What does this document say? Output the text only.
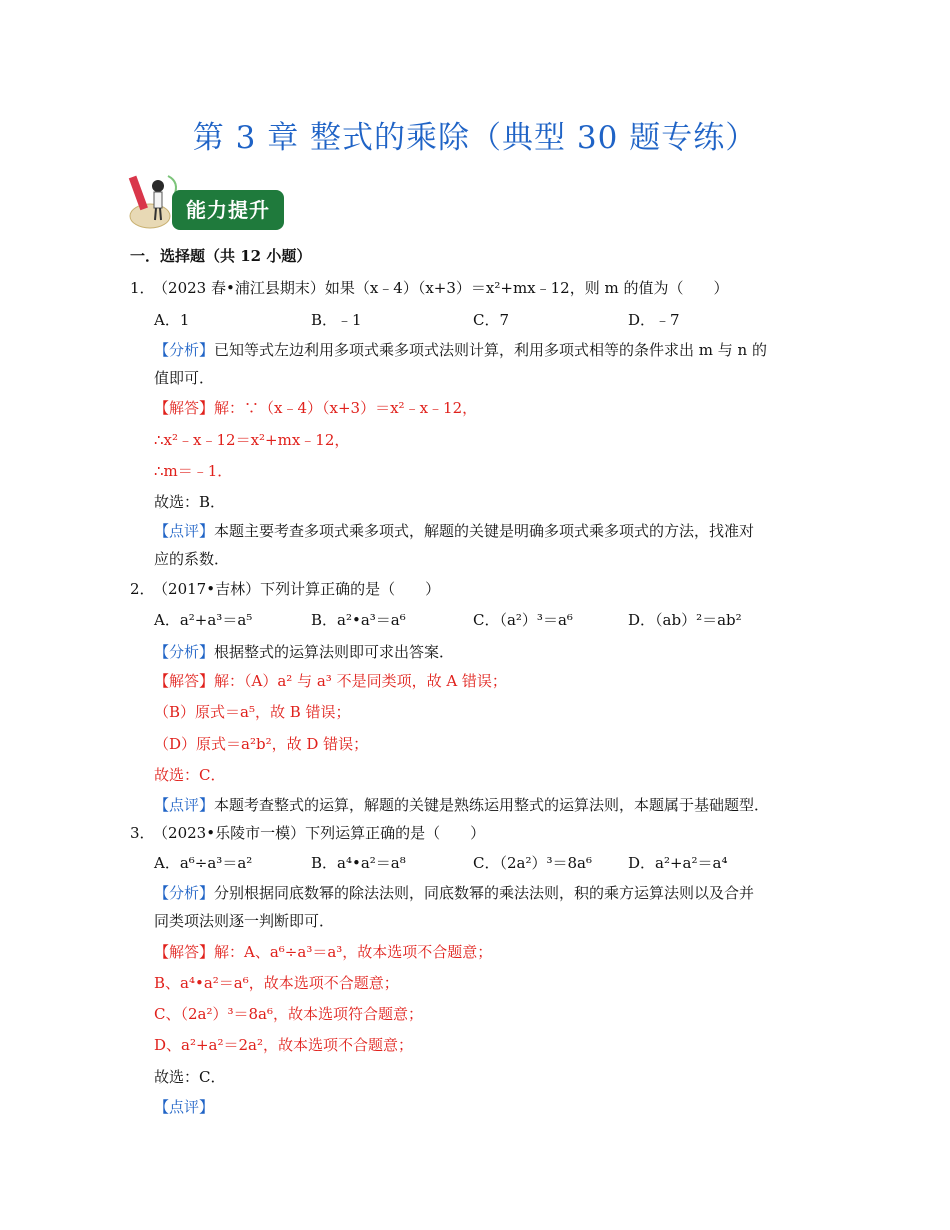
第 3 章 整式的乘除（典型 30 题专练）
能力提升
一．选择题（共 12 小题）
1． （2023 春•浦江县期末）如果（x﹣4）（x+3）＝x²+mx﹣12，则 m 的值为（　　）
A．1	B．﹣1	C．7	D．﹣7
【分析】已知等式左边利用多项式乘多项式法则计算，利用多项式相等的条件求出 m 与 n 的
值即可．
【解答】解：∵（x﹣4）（x+3）＝x²﹣x﹣12，
∴x²﹣x﹣12＝x²+mx﹣12，
∴m＝﹣1．
故选：B．
【点评】本题主要考查多项式乘多项式，解题的关键是明确多项式乘多项式的方法，找准对
应的系数．
2． （2017•吉林）下列计算正确的是（　　）
A．a²+a³＝a⁵	B．a²•a³＝a⁶	C．（a²）³＝a⁶	D．（ab）²＝ab²
【分析】根据整式的运算法则即可求出答案．
【解答】解：（A）a² 与 a³ 不是同类项，故 A 错误；
（B）原式＝a⁵，故 B 错误；
（D）原式＝a²b²，故 D 错误；
故选：C．
【点评】本题考查整式的运算，解题的关键是熟练运用整式的运算法则，本题属于基础题型．
3． （2023•乐陵市一模）下列运算正确的是（　　）
A．a⁶÷a³＝a²	B．a⁴•a²＝a⁸	C．（2a²）³＝8a⁶ D．a²+a²＝a⁴
【分析】分别根据同底数幂的除法法则，同底数幂的乘法法则，积的乘方运算法则以及合并
同类项法则逐一判断即可．
【解答】解：A、a⁶÷a³＝a³，故本选项不合题意；
B、a⁴•a²＝a⁶，故本选项不合题意；
C、（2a²）³＝8a⁶，故本选项符合题意；
D、a²+a²＝2a²，故本选项不合题意；
故选：C．
【点评】
